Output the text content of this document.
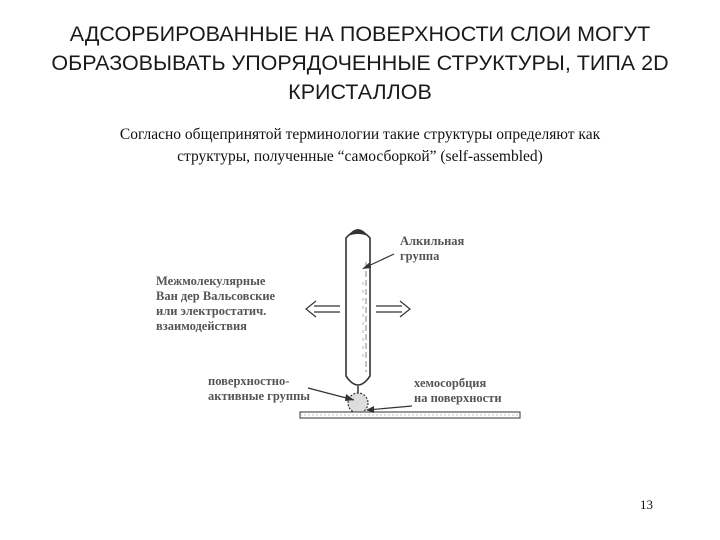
АДСОРБИРОВАННЫЕ НА ПОВЕРХНОСТИ СЛОИ МОГУТ
ОБРАЗОВЫВАТЬ УПОРЯДОЧЕННЫЕ СТРУКТУРЫ, ТИПА 2D
КРИСТАЛЛОВ
Согласно общепринятой терминологии такие структуры определяют как
структуры, полученные “самосборкой” (self-assembled)
Алкильная
группа
Межмолекулярные
Ван дер Вальсовские
или электростатич.
взаимодействия
поверхностно-
активные группы
хемосорбция
на поверхности
13
